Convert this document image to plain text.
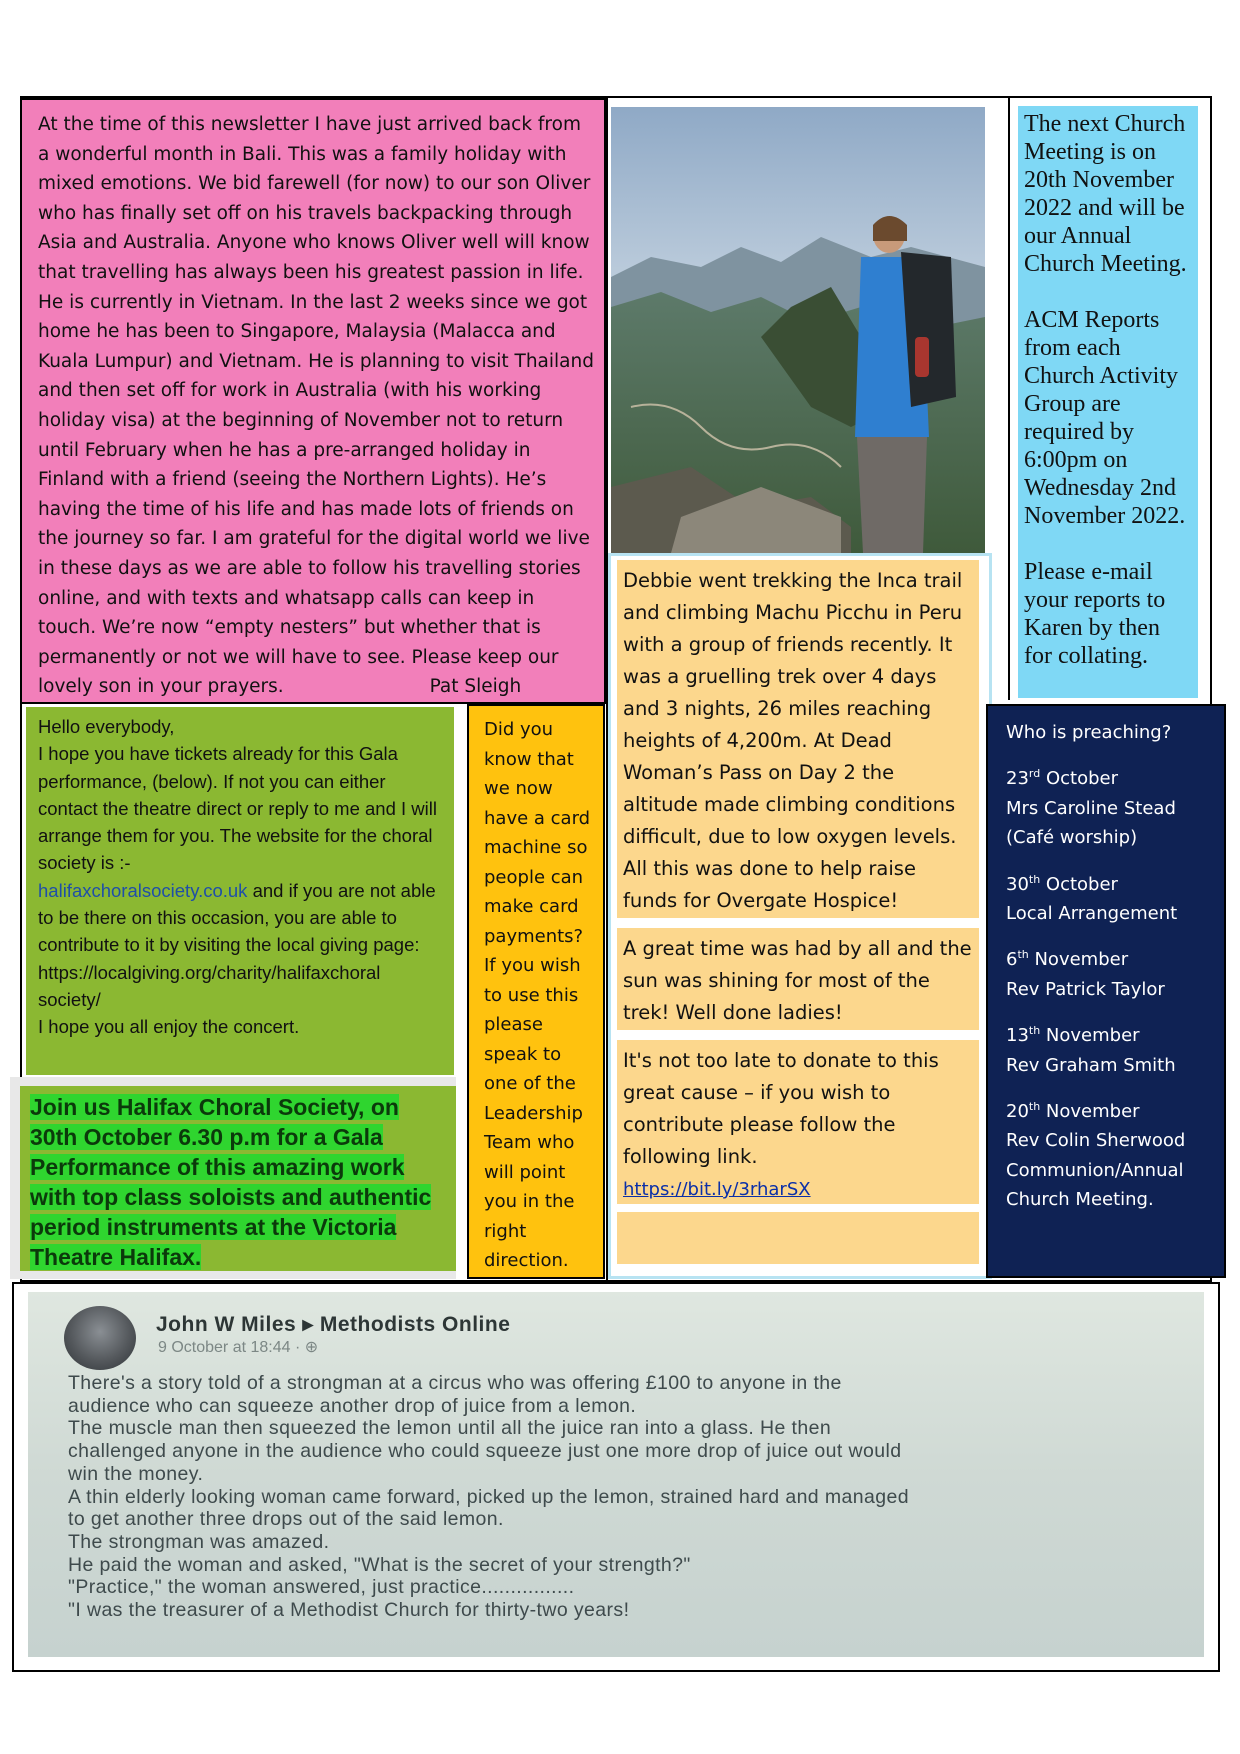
At the time of this newsletter I have just arrived back from a wonderful month in Bali. This was a family holiday with mixed emotions. We bid farewell (for now) to our son Oliver who has finally set off on his travels backpacking through Asia and Australia. Anyone who knows Oliver well will know that travelling has always been his greatest passion in life. He is currently in Vietnam. In the last 2 weeks since we got home he has been to Singapore, Malaysia (Malacca and Kuala Lumpur) and Vietnam. He is planning to visit Thailand and then set off for work in Australia (with his working holiday visa) at the beginning of November not to return until February when he has a pre-arranged holiday in Finland with a friend (seeing the Northern Lights). He’s having the time of his life and has made lots of friends on the journey so far. I am grateful for the digital world we live in these days as we are able to follow his travelling stories online, and with texts and whatsapp calls can keep in touch. We’re now “empty nesters” but whether that is permanently or not we will have to see. Please keep our lovely son in your prayers.	Pat Sleigh

The next Church Meeting is on 20th November 2022 and will be our Annual Church Meeting.

ACM Reports from each Church Activity Group are required by 6:00pm on Wednesday 2nd November 2022.

Please e-mail your reports to Karen by then for collating.

Hello everybody,
I hope you have tickets already for this Gala performance, (below). If not you can either contact the theatre direct or reply to me and I will arrange them for you. The website for the choral society is :-
halifaxchoralsociety.co.uk and if you are not able to be there on this occasion, you are able to contribute to it by visiting the local giving page:
https://localgiving.org/charity/halifaxchoral society/
I hope you all enjoy the concert.
Join us Halifax Choral Society, on 30th October 6.30 p.m for a Gala Performance of this amazing work with top class soloists and authentic period instruments at the Victoria Theatre Halifax.
Did you know that we now have a card machine so people can make card payments? If you wish to use this please speak to one of the Leadership Team who will point you in the right direction.
Debbie went trekking the Inca trail and climbing Machu Picchu in Peru with a group of friends recently. It was a gruelling trek over 4 days and 3 nights, 26 miles reaching heights of 4,200m. At Dead Woman’s Pass on Day 2 the altitude made climbing conditions difficult, due to low oxygen levels. All this was done to help raise funds for Overgate Hospice!
A great time was had by all and the sun was shining for most of the trek! Well done ladies!
It's not too late to donate to this great cause – if you wish to contribute please follow the following link.
https://bit.ly/3rharSX
Who is preaching?
23rd October
Mrs Caroline Stead
(Café worship)
30th October
Local Arrangement
6th November
Rev Patrick Taylor
13th November
Rev Graham Smith
20th November
Rev Colin Sherwood
Communion/Annual
Church Meeting.
John W Miles ▸ Methodists Online
9 October at 18:44 · ⊕
There's a story told of a strongman at a circus who was offering £100 to anyone in the
audience who can squeeze another drop of juice from a lemon.
The muscle man then squeezed the lemon until all the juice ran into a glass. He then
challenged anyone in the audience who could squeeze just one more drop of juice out would
win the money.
A thin elderly looking woman came forward, picked up the lemon, strained hard and managed
to get another three drops out of the said lemon.
The strongman was amazed.
He paid the woman and asked, "What is the secret of your strength?"
"Practice," the woman answered, just practice................
"I was the treasurer of a Methodist Church for thirty-two years!
